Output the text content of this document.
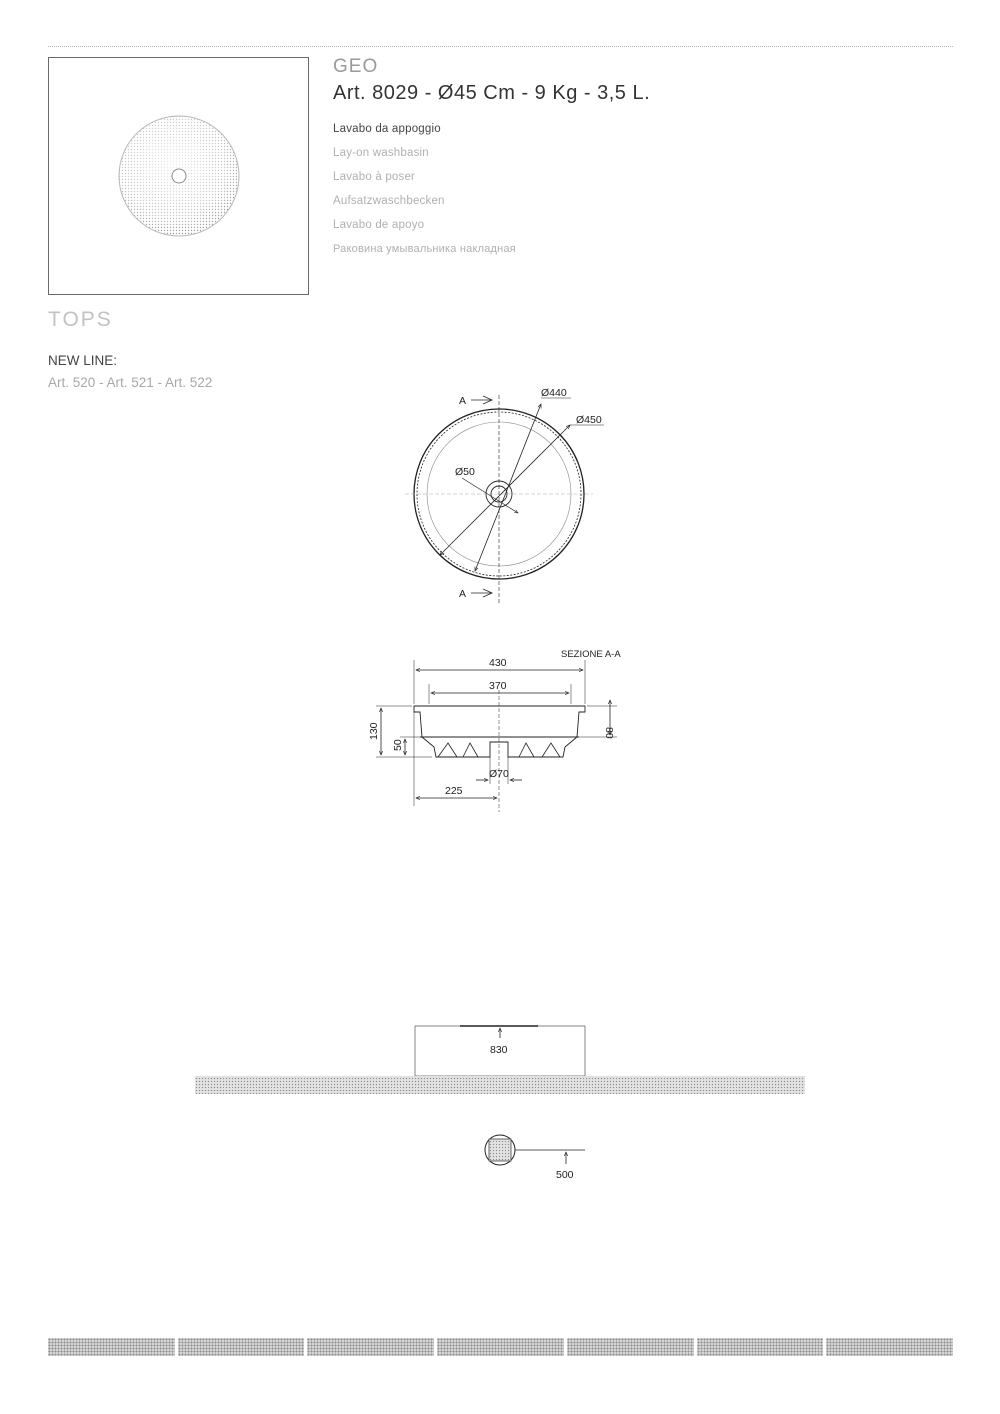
GEO
Art. 8029 - Ø45 Cm - 9 Kg - 3,5 L.
Lavabo da appoggio
Lay-on washbasin
Lavabo à poser
Aufsatzwaschbecken
Lavabo de apoyo
Раковина умывальника накладная
TOPS
NEW LINE:
Art. 520 - Art. 521 - Art. 522
A
A
Ø440
Ø450
Ø50
SEZIONE A-A
430
370
130
50
80
Ø70
225
830
500
